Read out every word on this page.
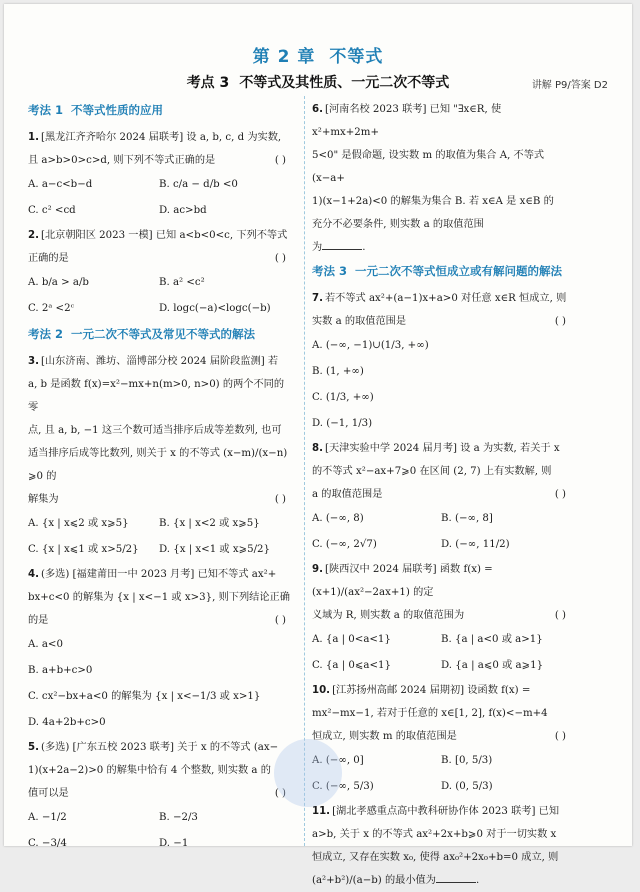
第 2 章 不等式
考点 3 不等式及其性质、一元二次不等式	讲解 P9/答案 D2
考法 1 不等式性质的应用
1. [黑龙江齐齐哈尔 2024 届联考] 设 a, b, c, d 为实数,
且 a>b>0>c>d, 则下列不等式正确的是	( )
A. a−c<b−d	B. c/a − d/b <0
C. c² <cd	D. ac>bd
2. [北京朝阳区 2023 一模] 已知 a<b<0<c, 下列不等式
正确的是	( )
A. b/a > a/b	B. a² <c²
C. 2ᵃ <2ᶜ	D. logc(−a)<logc(−b)
考法 2 一元二次不等式及常见不等式的解法
3. [山东济南、潍坊、淄博部分校 2024 届阶段监测] 若
a, b 是函数 f(x)=x²−mx+n(m>0, n>0) 的两个不同的零
点, 且 a, b, −1 这三个数可适当排序后成等差数列, 也可
适当排序后成等比数列, 则关于 x 的不等式 (x−m)/(x−n) ⩾0 的
解集为	( )
A. {x | x⩽2 或 x⩾5}	B. {x | x<2 或 x⩾5}
C. {x | x⩽1 或 x>5/2}	D. {x | x<1 或 x⩾5/2}
4. (多选) [福建莆田一中 2023 月考] 已知不等式 ax²+
bx+c<0 的解集为 {x | x<−1 或 x>3}, 则下列结论正确
的是	( )
A. a<0
B. a+b+c>0
C. cx²−bx+a<0 的解集为 {x | x<−1/3 或 x>1}
D. 4a+2b+c>0
5. (多选) [广东五校 2023 联考] 关于 x 的不等式 (ax−
1)(x+2a−2)>0 的解集中恰有 4 个整数, 则实数 a 的
值可以是	( )
A. −1/2	B. −2/3
C. −3/4	D. −1
6. [河南名校 2023 联考] 已知 "∃x∈R, 使 x²+mx+2m+
5<0" 是假命题, 设实数 m 的取值为集合 A, 不等式 (x−a+
1)(x−1+2a)<0 的解集为集合 B. 若 x∈A 是 x∈B 的
充分不必要条件, 则实数 a 的取值范围
为	.
考法 3 一元二次不等式恒成立或有解问题的解法
7. 若不等式 ax²+(a−1)x+a>0 对任意 x∈R 恒成立, 则
实数 a 的取值范围是	( )
A. (−∞, −1)∪(1/3, +∞)
B. (1, +∞)
C. (1/3, +∞)
D. (−1, 1/3)
8. [天津实验中学 2024 届月考] 设 a 为实数, 若关于 x
的不等式 x²−ax+7⩾0 在区间 (2, 7) 上有实数解, 则
a 的取值范围是	( )
A. (−∞, 8)	B. (−∞, 8]
C. (−∞, 2√7)	D. (−∞, 11/2)
9. [陕西汉中 2024 届联考] 函数 f(x) = (x+1)/(ax²−2ax+1) 的定
义域为 R, 则实数 a 的取值范围为	( )
A. {a | 0<a<1}	B. {a | a<0 或 a>1}
C. {a | 0⩽a<1}	D. {a | a⩽0 或 a⩾1}
10. [江苏扬州高邮 2024 届期初] 设函数 f(x) =
mx²−mx−1, 若对于任意的 x∈[1, 2], f(x)<−m+4
恒成立, 则实数 m 的取值范围是	( )
A. (−∞, 0]	B. [0, 5/3)
C. (−∞, 5/3)	D. (0, 5/3)
11. [湖北孝感重点高中教科研协作体 2023 联考] 已知
a>b, 关于 x 的不等式 ax²+2x+b⩾0 对于一切实数 x
恒成立, 又存在实数 x₀, 使得 ax₀²+2x₀+b=0 成立, 则
(a²+b²)/(a−b) 的最小值为	.
